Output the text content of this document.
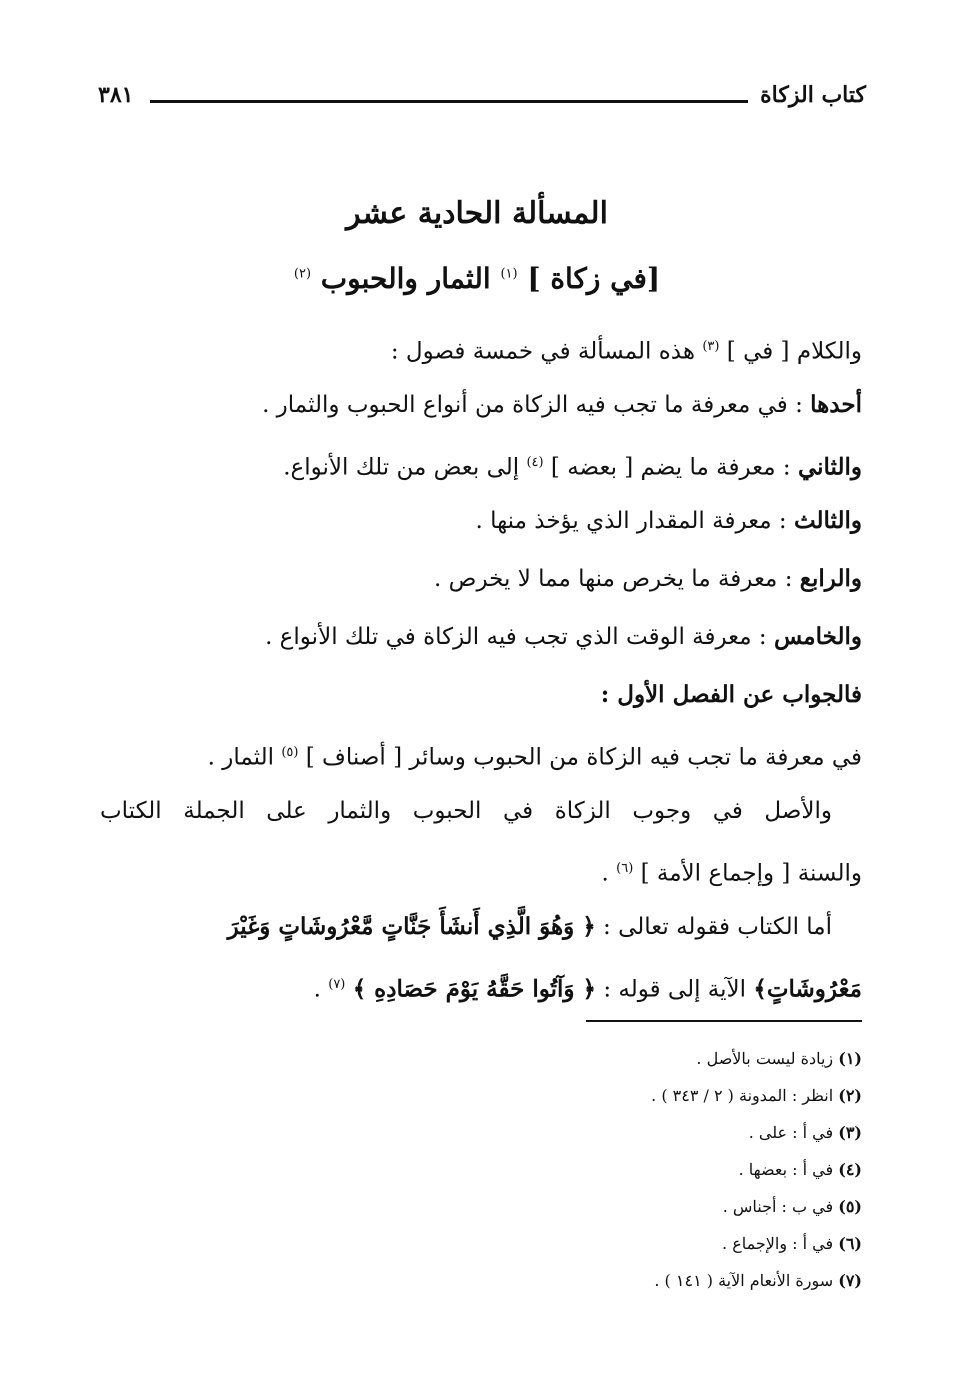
كتاب الزكاة
٣٨١
المسألة الحادية عشر
[في زكاة ] $^{(١)}$ الثمار والحبوب $^{(٢)}$
والكلام [ في ] $^{(٣)}$ هذه المسألة في خمسة فصول :
أحدها : في معرفة ما تجب فيه الزكاة من أنواع الحبوب والثمار .
والثاني : معرفة ما يضم [ بعضه ] $^{(٤)}$ إلى بعض من تلك الأنواع.
والثالث : معرفة المقدار الذي يؤخذ منها .
والرابع : معرفة ما يخرص منها مما لا يخرص .
والخامس : معرفة الوقت الذي تجب فيه الزكاة في تلك الأنواع .
فالجواب عن الفصل الأول :
في معرفة ما تجب فيه الزكاة من الحبوب وسائر [ أصناف ] $^{(٥)}$ الثمار .
والأصل في وجوب الزكاة في الحبوب والثمار على الجملة الكتاب
والسنة [ وإجماع الأمة ] $^{(٦)}$ .
أما الكتاب فقوله تعالى : ﴿ وَهُوَ الَّذِي أَنشَأَ جَنَّاتٍ مَّعْرُوشَاتٍ وَغَيْرَ
مَعْرُوشَاتٍ﴾ الآية إلى قوله : ﴿ وَآتُوا حَقَّهُ يَوْمَ حَصَادِهِ ﴾ $^{(٧)}$ .
(١) زيادة ليست بالأصل .
(٢) انظر : المدونة ( ٢ / ٣٤٣ ) .
(٣) في أ : على .
(٤) في أ : بعضها .
(٥) في ب : أجناس .
(٦) في أ : والإجماع .
(٧) سورة الأنعام الآية ( ١٤١ ) .
